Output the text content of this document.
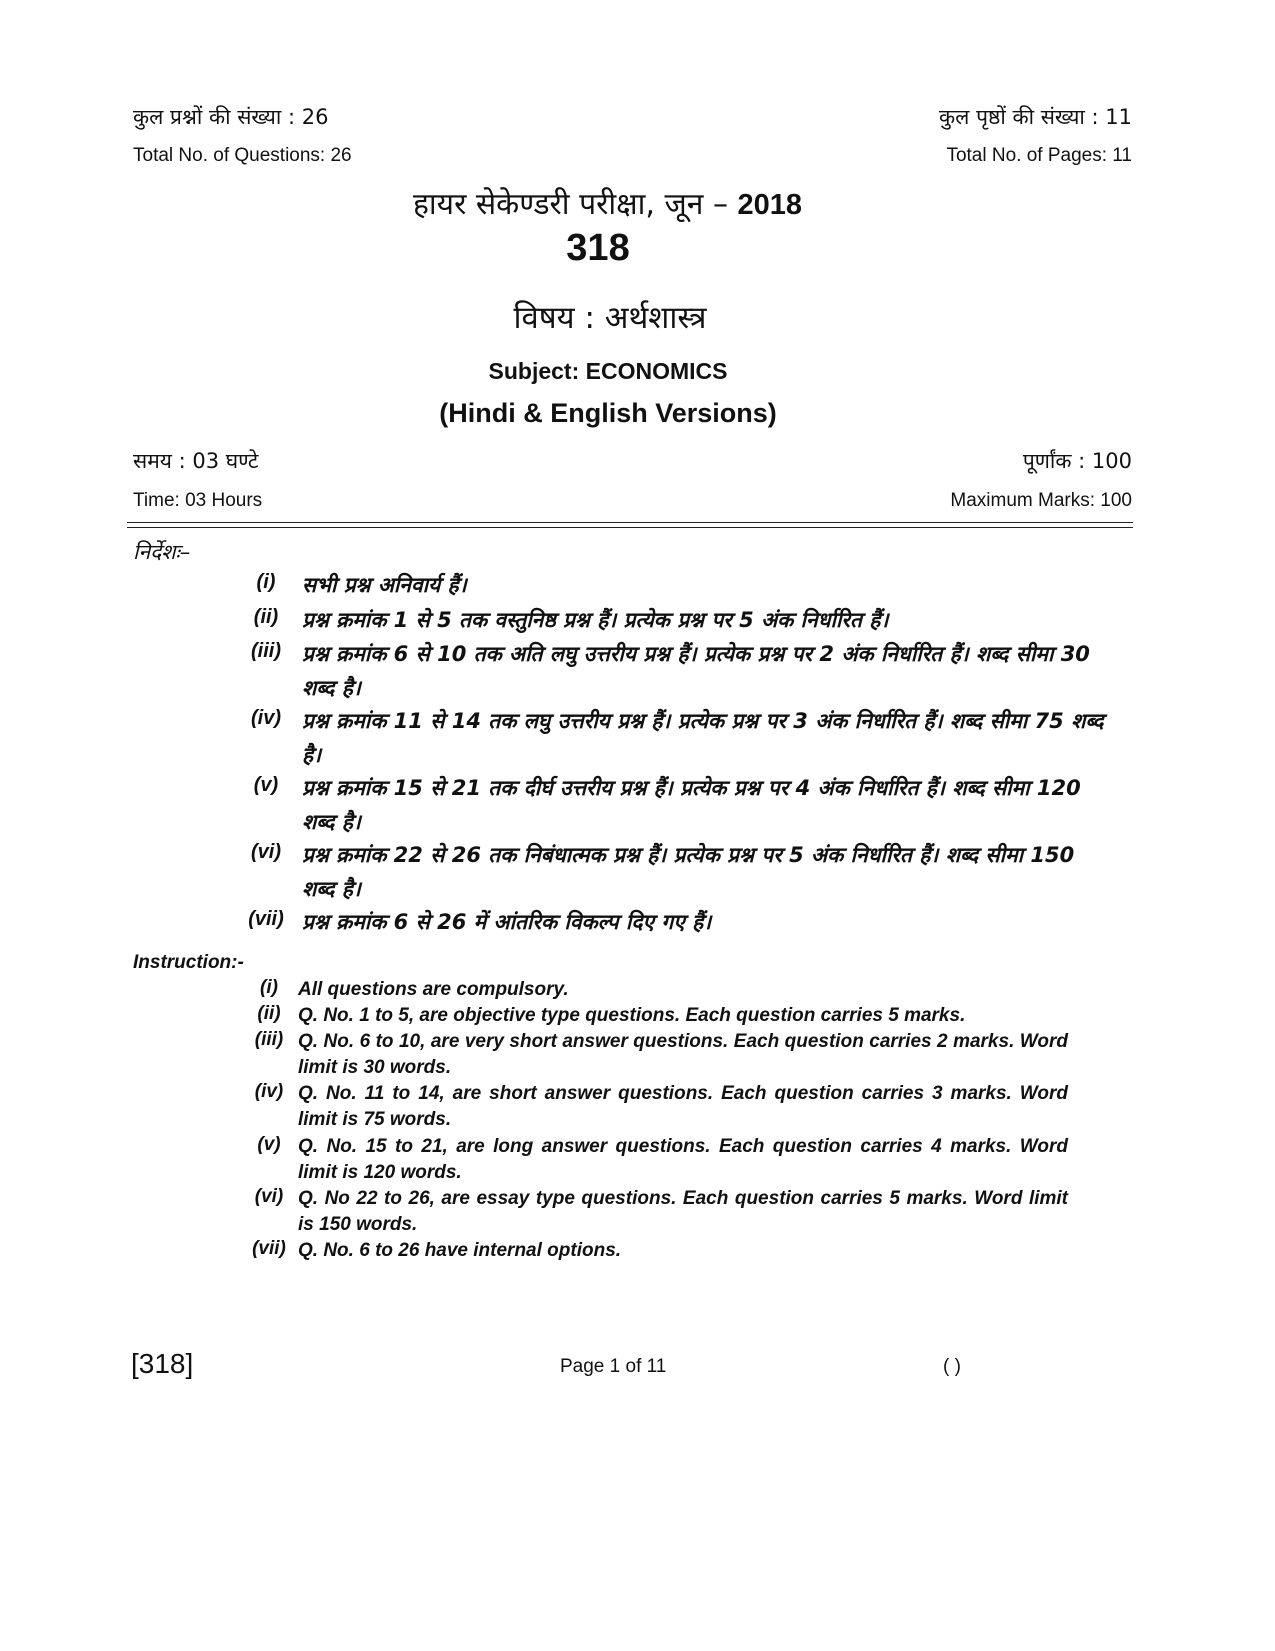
कुल प्रश्नों की संख्या : 26	कुल पृष्ठों की संख्या : 11
Total No. of Questions: 26	Total No. of Pages: 11
हायर सेकेण्डरी परीक्षा, जून – 2018
318
विषय : अर्थशास्त्र
Subject: ECONOMICS
(Hindi & English Versions)
समय : 03 घण्टे	पूर्णांक : 100
Time: 03 Hours	Maximum Marks: 100
निर्देशः–
(i)	सभी प्रश्न अनिवार्य हैं।
(ii)	प्रश्न क्रमांक 1 से 5 तक वस्तुनिष्ठ प्रश्न हैं। प्रत्येक प्रश्न पर 5 अंक निर्धारित हैं।
(iii)	प्रश्न क्रमांक 6 से 10 तक अति लघु उत्तरीय प्रश्न हैं। प्रत्येक प्रश्न पर 2 अंक निर्धारित हैं। शब्द सीमा 30 शब्द है।
(iv)	प्रश्न क्रमांक 11 से 14 तक लघु उत्तरीय प्रश्न हैं। प्रत्येक प्रश्न पर 3 अंक निर्धारित हैं। शब्द सीमा 75 शब्द है।
(v)	प्रश्न क्रमांक 15 से 21 तक दीर्घ उत्तरीय प्रश्न हैं। प्रत्येक प्रश्न पर 4 अंक निर्धारित हैं। शब्द सीमा 120 शब्द है।
(vi)	प्रश्न क्रमांक 22 से 26 तक निबंधात्मक प्रश्न हैं। प्रत्येक प्रश्न पर 5 अंक निर्धारित हैं। शब्द सीमा 150 शब्द है।
(vii) प्रश्न क्रमांक 6 से 26 में आंतरिक विकल्प दिए गए हैं।
Instruction:-
(i)	All questions are compulsory.
(ii) Q. No. 1 to 5, are objective type questions. Each question carries 5 marks.
(iii) Q. No. 6 to 10, are very short answer questions. Each question carries 2 marks. Word limit is 30 words.
(iv) Q. No. 11 to 14, are short answer questions. Each question carries 3 marks. Word limit is 75 words.
(v) Q. No. 15 to 21, are long answer questions. Each question carries 4 marks. Word limit is 120 words.
(vi) Q. No 22 to 26, are essay type questions. Each question carries 5 marks. Word limit is 150 words.
(vii) Q. No. 6 to 26 have internal options.
[318]	Page 1 of 11	( )
